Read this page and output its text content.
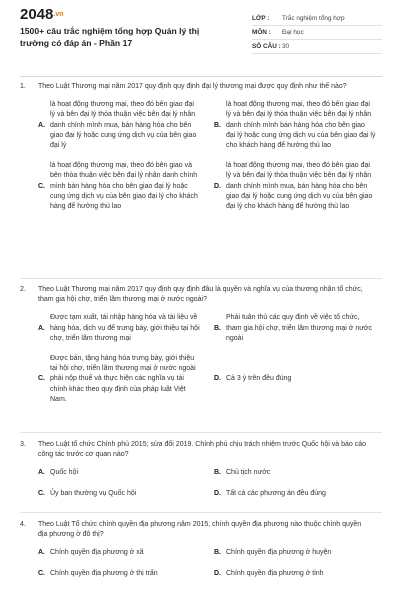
$2048^{.vn}$
1500+ câu trắc nghiệm tổng hợp Quản lý thị trường có đáp án - Phần 17
LỚP :	Trắc nghiệm tổng hợp
MÔN :	Đại học
SỐ CÂU : 30
1.	Theo Luật Thương mại năm 2017 quy định quy định đại lý thương mại được quy định như thế nào?
A.
là hoạt động thương mại, theo đó bên giao đại lý và bên đại lý thỏa thuận việc bên đại lý nhân danh chính mình mua, bán hàng hóa cho bên giao đại lý hoặc cung ứng dịch vụ của bên giao đại lý
B.
là hoạt động thương mại, theo đó bên giao đại lý và bên đại lý thỏa thuận việc bên đại lý nhân danh chính mình bán hàng hóa cho bên giao đại lý hoặc cung ứng dịch vụ của bên giao đại lý cho khách hàng để hưởng thù lao
C.
là hoạt động thương mại, theo đó bên giao và bên thỏa thuận việc bên đại lý nhân danh chính mình bán hàng hóa cho bên giao đại lý hoặc cung ứng dịch vụ của bên giao đại lý cho khách hàng để hưởng thù lao
D.
là hoạt động thương mại, theo đó bên giao đại lý và bên đại lý thỏa thuận việc bên đại lý nhân danh chính mình mua, bán hàng hóa cho bên giao đại lý hoặc cung ứng dịch vụ của bên giao đại lý cho khách hàng để hưởng thù lao
2.	Theo Luật Thương mại năm 2017 quy định quy định đâu là quyền và nghĩa vụ của thương nhân tổ chức, tham gia hội chợ, triển lãm thương mại ở nước ngoài?
A.
Được tạm xuất, tái nhập hàng hóa và tài liệu về hàng hóa, dịch vụ để trưng bày, giới thiệu tại hội chợ, triển lãm thương mại
B.
Phải tuân thủ các quy định về việc tổ chức, tham gia hội chợ, triển lãm thương mại ở nước ngoài
C.
Được bán, tặng hàng hóa trưng bày, giới thiệu tại hội chợ, triển lãm thương mại ở nước ngoài phải nộp thuế và thực hiện các nghĩa vụ tài chính khác theo quy định của pháp luật Việt Nam.
D. Cả 3 ý trên đều đúng
3.	Theo Luật tổ chức Chính phủ 2015; sửa đổi 2019. Chính phủ chịu trách nhiệm trước Quốc hội và báo cáo công tác trước cơ quan nào?
A. Quốc hội	B. Chủ tịch nước
C. Ủy ban thường vụ Quốc hội	D. Tất cả các phương án đều đúng
4.	Theo Luật Tổ chức chính quyền địa phương năm 2015, chính quyền địa phương nào thuộc chính quyền địa phương ở đô thị?
A. Chính quyền địa phương ở xã	B. Chính quyền địa phương ở huyện
C. Chính quyền địa phương ở thị trấn	D. Chính quyền địa phương ở tỉnh
